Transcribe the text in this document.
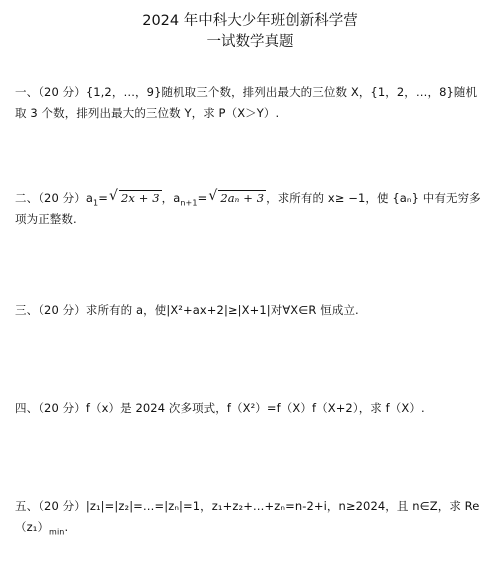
2024 年中科大少年班创新科学营
一试数学真题
一、（20 分）{1,2，…，9}随机取三个数，排列出最大的三位数 X，{1，2，…，8}随机取 3 个数，排列出最大的三位数 Y，求 P（X＞Y）.
二、（20 分）$a_1=√$ 2x + 3 ，$a_{n+1}=√$ 2aₙ + 3 ，求所有的 x≥ −1，使 {aₙ} 中有无穷多项为正整数.
三、（20 分）求所有的 a，使|X²+ax+2|≥|X+1|对∀X∈R 恒成立.
四、（20 分）f（x）是 2024 次多项式，f（X²）=f（X）f（X+2），求 f（X）.
五、（20 分）|z₁|=|z₂|=…=|zₙ|=1，z₁+z₂+…+zₙ=n-2+i，n≥2024，且 n∈Z，求 $Re(z_1)_{min}$.
